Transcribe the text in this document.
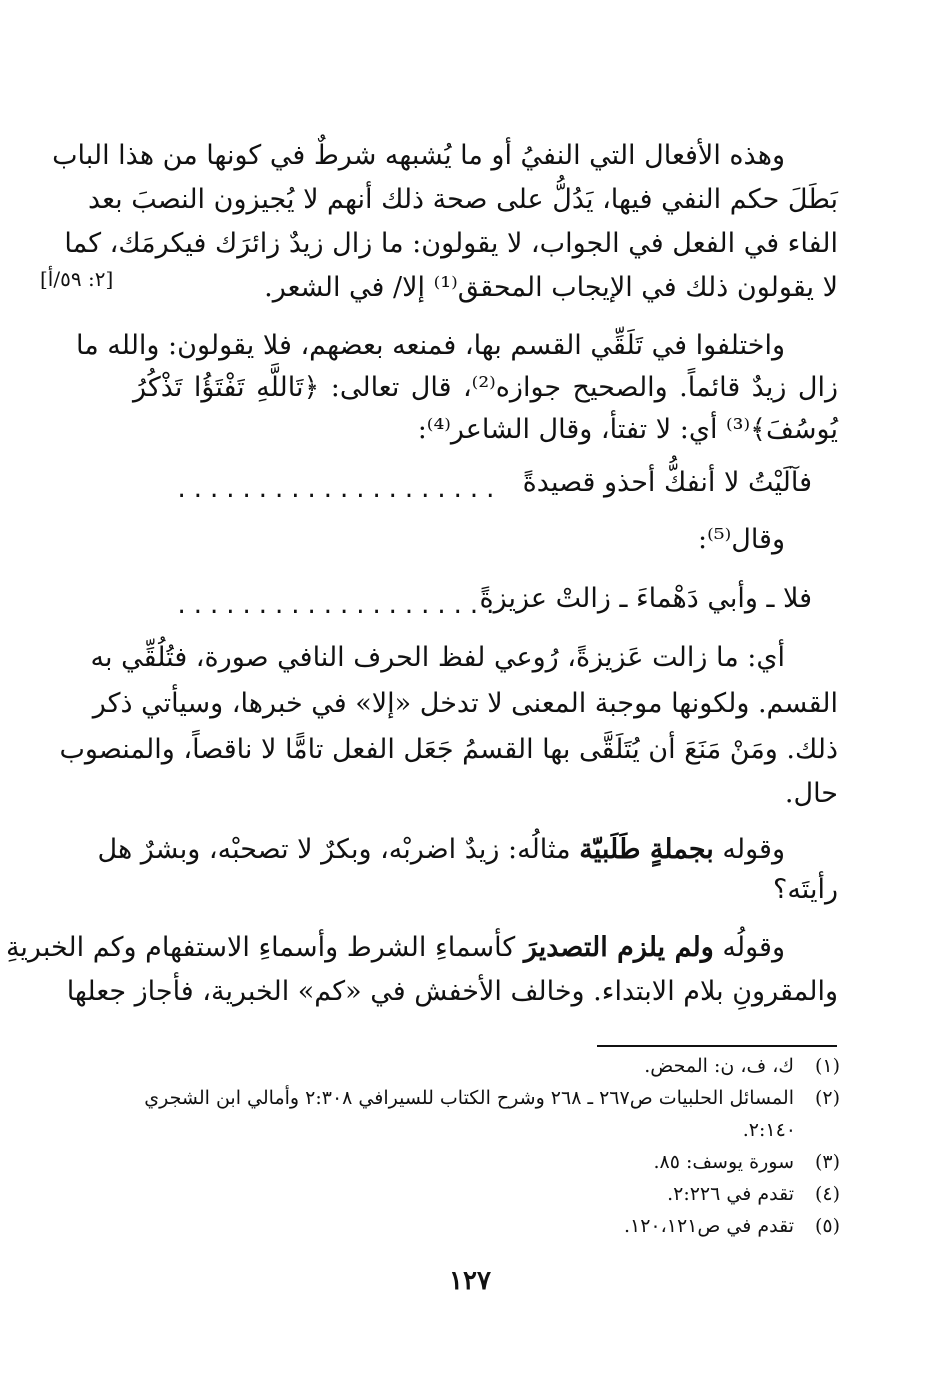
وهذه الأفعال التي النفيُ أو ما يُشبهه شرطٌ في كونها من هذا الباب
بَطَلَ حكم النفي فيها، يَدُلُّ على صحة ذلك أنهم لا يُجيزون النصبَ بعد
الفاء في الفعل في الجواب، لا يقولون: ما زال زيدٌ زائرَك فيكرمَك، كما
لا يقولون ذلك في الإيجاب المحقق⁽¹⁾ إلا/ في الشعر.
[٢: ٥٩/أ]
واختلفوا في تَلَقِّي القسم بها، فمنعه بعضهم، فلا يقولون: والله ما
زال زيدٌ قائماً. والصحيح جوازه⁽²⁾، قال تعالى: ﴿تَاللَّهِ تَفْتَؤُا تَذْكُرُ
يُوسُفَ﴾⁽³⁾ أي: لا تفتأ، وقال الشاعر⁽⁴⁾:
فآلَيْتُ لا أنفكُّ أحذو قصيدةً
....................
وقال⁽⁵⁾:
فلا ـ وأبي دَهْماءَ ـ زالتْ عزيزةً
....................
أي: ما زالت عَزيزةً، رُوعي لفظ الحرف النافي صورة، فتُلُقِّي به
القسم. ولكونها موجبة المعنى لا تدخل «إلا» في خبرها، وسيأتي ذكر
ذلك. ومَنْ مَنَعَ أن يُتَلَقَّى بها القسمُ جَعَل الفعل تامًّا لا ناقصاً، والمنصوب
حال.
وقوله بجملةٍ طَلَبيّة مثالُه: زيدٌ اضربْه، وبكرٌ لا تصحبْه، وبشرٌ هل
رأيتَه؟
وقولُه ولم يلزم التصديرَ كأسماءِ الشرط وأسماءِ الاستفهام وكم الخبريةِ
والمقرونِ بلام الابتداء. وخالف الأخفش في «كم» الخبرية، فأجاز جعلها
(١)ك، ف، ن: المحض.
(٢)المسائل الحلبيات ص٢٦٧ ـ ٢٦٨ وشرح الكتاب للسيرافي ٢:٣٠٨ وأمالي ابن الشجري
٢:١٤٠.
(٣)سورة يوسف: ٨٥.
(٤)تقدم في ٢:٢٢٦.
(٥)تقدم في ص١٢٠،١٢١.
١٢٧
